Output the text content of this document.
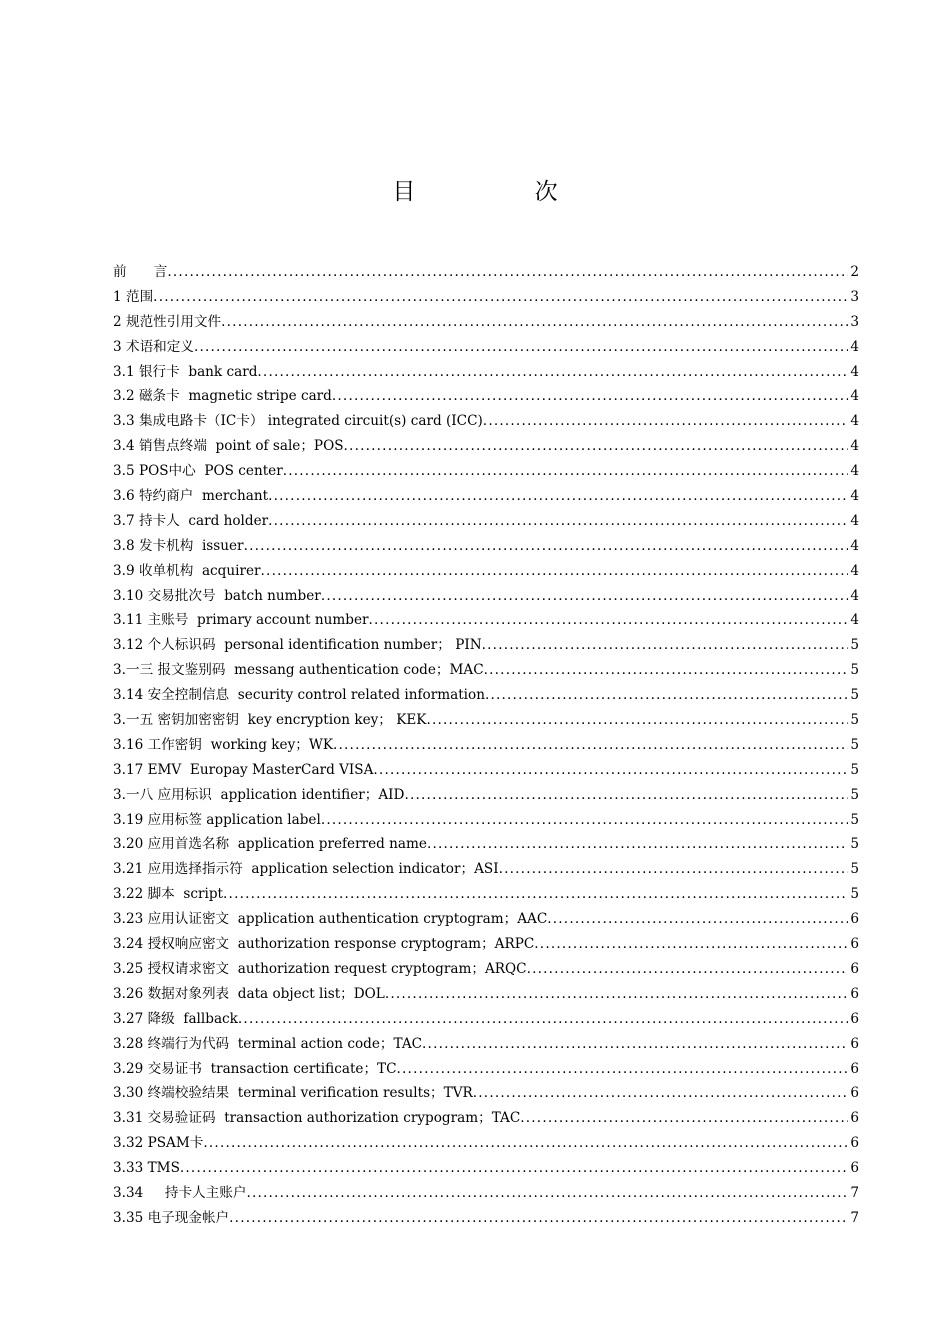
目 次
前　　言 .....	2
1 范围 .....	3
2 规范性引用文件 .....	3
3 术语和定义 .....	4
3.1 银行卡  bank card .....	4
3.2 磁条卡  magnetic stripe card .....	4
3.3 集成电路卡（IC卡） integrated circuit(s) card (ICC) .....	4
3.4 销售点终端  point of sale；POS .....	4
3.5 POS中心  POS center .....	4
3.6 特约商户  merchant .....	4
3.7 持卡人  card holder .....	4
3.8 发卡机构  issuer .....	4
3.9 收单机构  acquirer .....	4
3.10 交易批次号  batch number .....	4
3.11 主账号  primary account number .....	4
3.12 个人标识码  personal identification number； PIN .....	5
3.一三 报文鉴别码  messang authentication code；MAC .....	5
3.14 安全控制信息  security control related information .....	5
3.一五 密钥加密密钥  key encryption key； KEK .....	5
3.16 工作密钥  working key；WK .....	5
3.17 EMV  Europay MasterCard VISA .....	5
3.一八 应用标识  application identifier；AID .....	5
3.19 应用标签 application label .....	5
3.20 应用首选名称  application preferred name .....	5
3.21 应用选择指示符  application selection indicator；ASI .....	5
3.22 脚本  script .....	5
3.23 应用认证密文  application authentication cryptogram；AAC .....	6
3.24 授权响应密文  authorization response cryptogram；ARPC .....	6
3.25 授权请求密文  authorization request cryptogram；ARQC .....	6
3.26 数据对象列表  data object list；DOL .....	6
3.27 降级  fallback .....	6
3.28 终端行为代码  terminal action code；TAC .....	6
3.29 交易证书  transaction certificate；TC .....	6
3.30 终端校验结果  terminal verification results；TVR .....	6
3.31 交易验证码  transaction authorization crypogram；TAC .....	6
3.32 PSAM卡 .....	6
3.33 TMS .....	6
3.34     持卡人主账户 .....	7
3.35 电子现金帐户 .....	7
